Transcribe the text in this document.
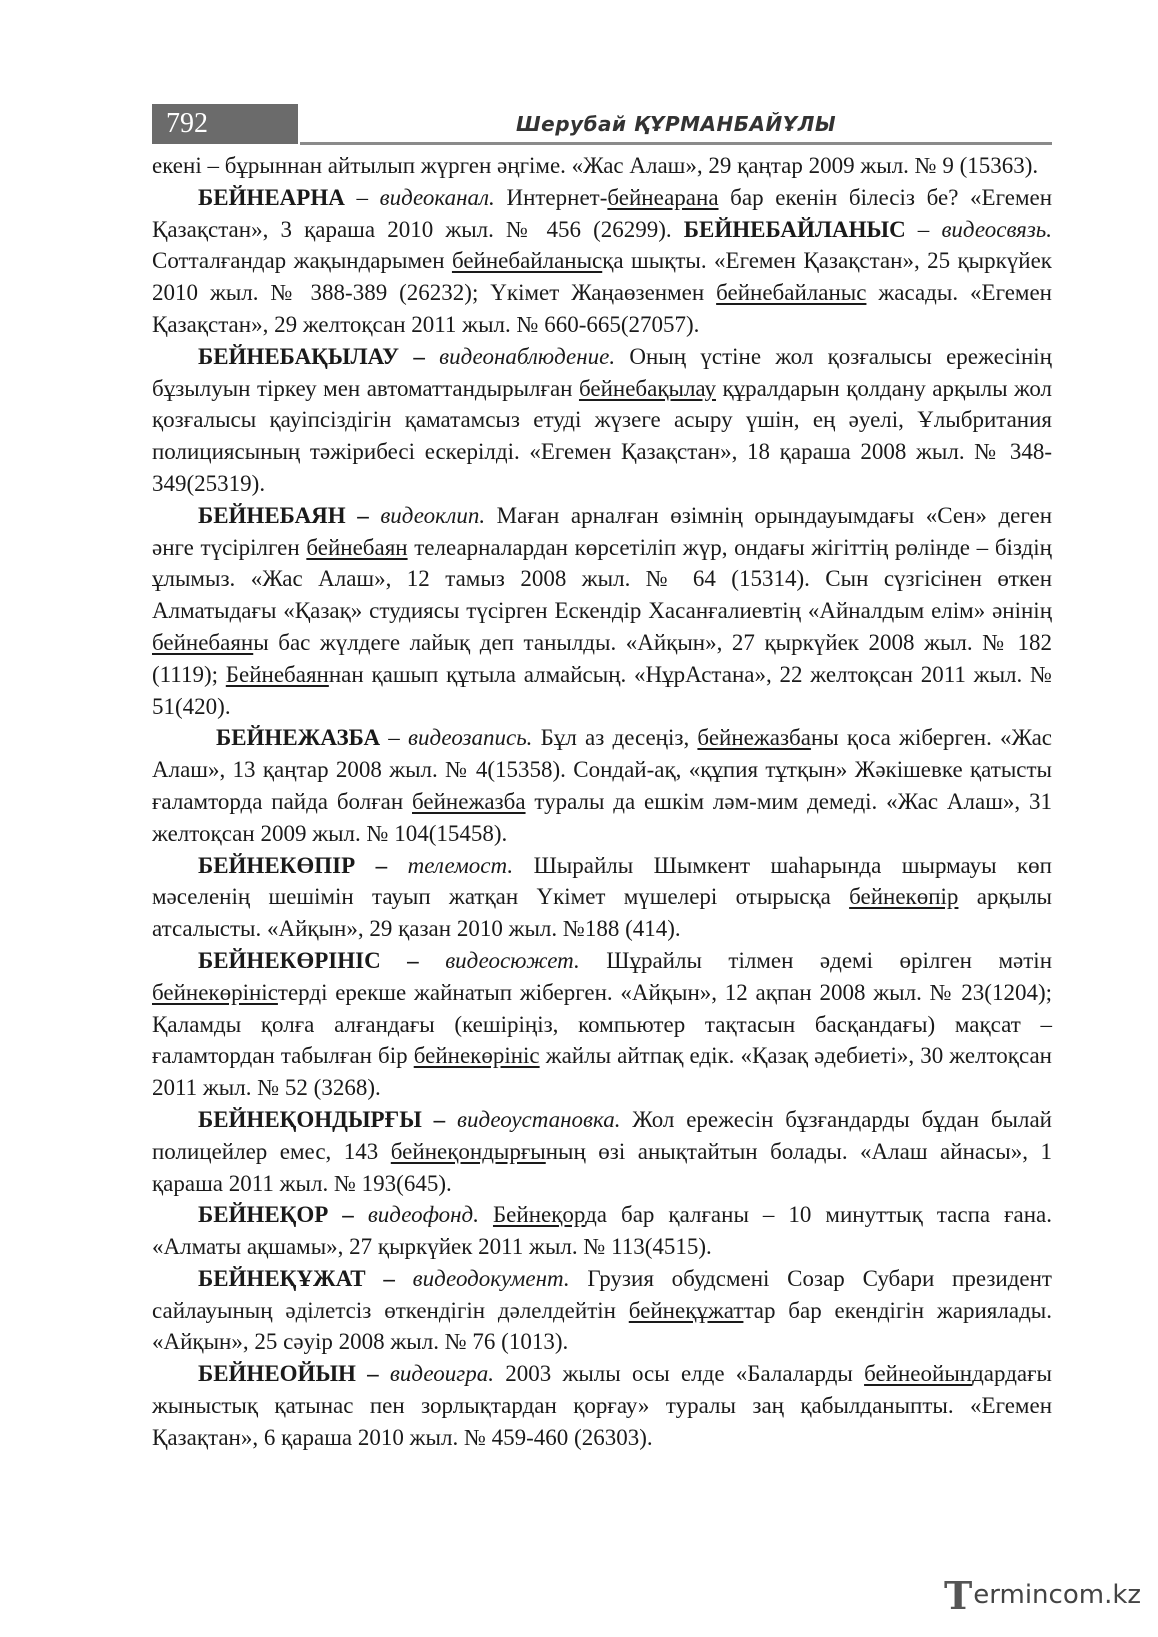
792	Шерубай ҚҰРМАНБАЙҰЛЫ

екені – бұрыннан айтылып жүрген әңгіме. «Жас Алаш», 29 қаңтар 2009 жыл. № 9 (15363).

БЕЙНЕАРНА – видеоканал. Интернет-бейнеарана бар екенін білесіз бе? «Егемен Қазақстан», 3 қараша 2010 жыл. № 456 (26299). БЕЙНЕБАЙЛАНЫС – видеосвязь. Сотталғандар жақындарымен бейнебайланысқа шықты. «Егемен Қазақстан», 25 қыркүйек 2010 жыл. № 388-389 (26232); Үкімет Жаңаөзенмен бейнебайланыс жасады. «Егемен Қазақстан», 29 желтоқсан 2011 жыл. № 660-665(27057).

БЕЙНЕБАҚЫЛАУ – видеонаблюдение. Оның үстіне жол қозғалысы ережесінің бұзылуын тіркеу мен автоматтандырылған бейнебақылау құралдарын қолдану арқылы жол қозғалысы қауіпсіздігін қаматамсыз етуді жүзеге асыру үшін, ең әуелі, Ұлыбритания полициясының тәжірибесі ескерілді. «Егемен Қазақстан», 18 қараша 2008 жыл. № 348-349(25319).

БЕЙНЕБАЯН – видеоклип. Маған арналған өзімнің орындауымдағы «Сен» деген әнге түсірілген бейнебаян телеарналардан көрсетіліп жүр, ондағы жігіттің рөлінде – біздің ұлымыз. «Жас Алаш», 12 тамыз 2008 жыл. № 64 (15314). Сын сүзгісінен өткен Алматыдағы «Қазақ» студиясы түсірген Ескендір Хасанғалиевтің «Айналдым елім» әнінің бейнебаяны бас жүлдеге лайық деп танылды. «Айқын», 27 қыркүйек 2008 жыл. № 182 (1119); Бейнебаяннан қашып құтыла алмайсың. «НұрАстана», 22 желтоқсан 2011 жыл. № 51(420).

БЕЙНЕЖАЗБА – видеозапись. Бұл аз десеңіз, бейнежазбаны қоса жіберген. «Жас Алаш», 13 қаңтар 2008 жыл. № 4(15358). Сондай-ақ, «құпия тұтқын» Жәкішевке қатысты ғаламторда пайда болған бейнежазба туралы да ешкім ләм-мим демеді. «Жас Алаш», 31 желтоқсан 2009 жыл. № 104(15458).

БЕЙНЕКӨПІР – телемост. Шырайлы Шымкент шаһарында шырмауы көп мәселенің шешімін тауып жатқан Үкімет мүшелері отырысқа бейнекөпір арқылы атсалысты. «Айқын», 29 қазан 2010 жыл. №188 (414).

БЕЙНЕКӨРІНІС – видеосюжет. Шұрайлы тілмен әдемі өрілген мәтін бейнекөріністерді ерекше жайнатып жіберген. «Айқын», 12 ақпан 2008 жыл. № 23(1204); Қаламды қолға алғандағы (кешіріңіз, компьютер тақтасын басқандағы) мақсат – ғаламтордан табылған бір бейнекөрініс жайлы айтпақ едік. «Қазақ әдебиеті», 30 желтоқсан 2011 жыл. № 52 (3268).

БЕЙНЕҚОНДЫРҒЫ – видеоустановка. Жол ережесін бұзғандарды бұдан былай полицейлер емес, 143 бейнеқондырғының өзі анықтайтын болады. «Алаш айнасы», 1 қараша 2011 жыл. № 193(645).

БЕЙНЕҚОР – видеофонд. Бейнеқорда бар қалғаны – 10 минуттық таспа ғана. «Алматы ақшамы», 27 қыркүйек 2011 жыл. № 113(4515).

БЕЙНЕҚҰЖАТ – видеодокумент. Грузия обудсмені Созар Субари президент сайлауының әділетсіз өткендігін дәлелдейтін бейнеқұжаттар бар екендігін жариялады. «Айқын», 25 сәуір 2008 жыл. № 76 (1013).

БЕЙНЕОЙЫН – видеоигра. 2003 жылы осы елде «Балаларды бейнеойындардағы жыныстық қатынас пен зорлықтардан қорғау» туралы заң қабылданыпты. «Егемен Қазақтан», 6 қараша 2010 жыл. № 459-460 (26303).

T ermincom.kz
